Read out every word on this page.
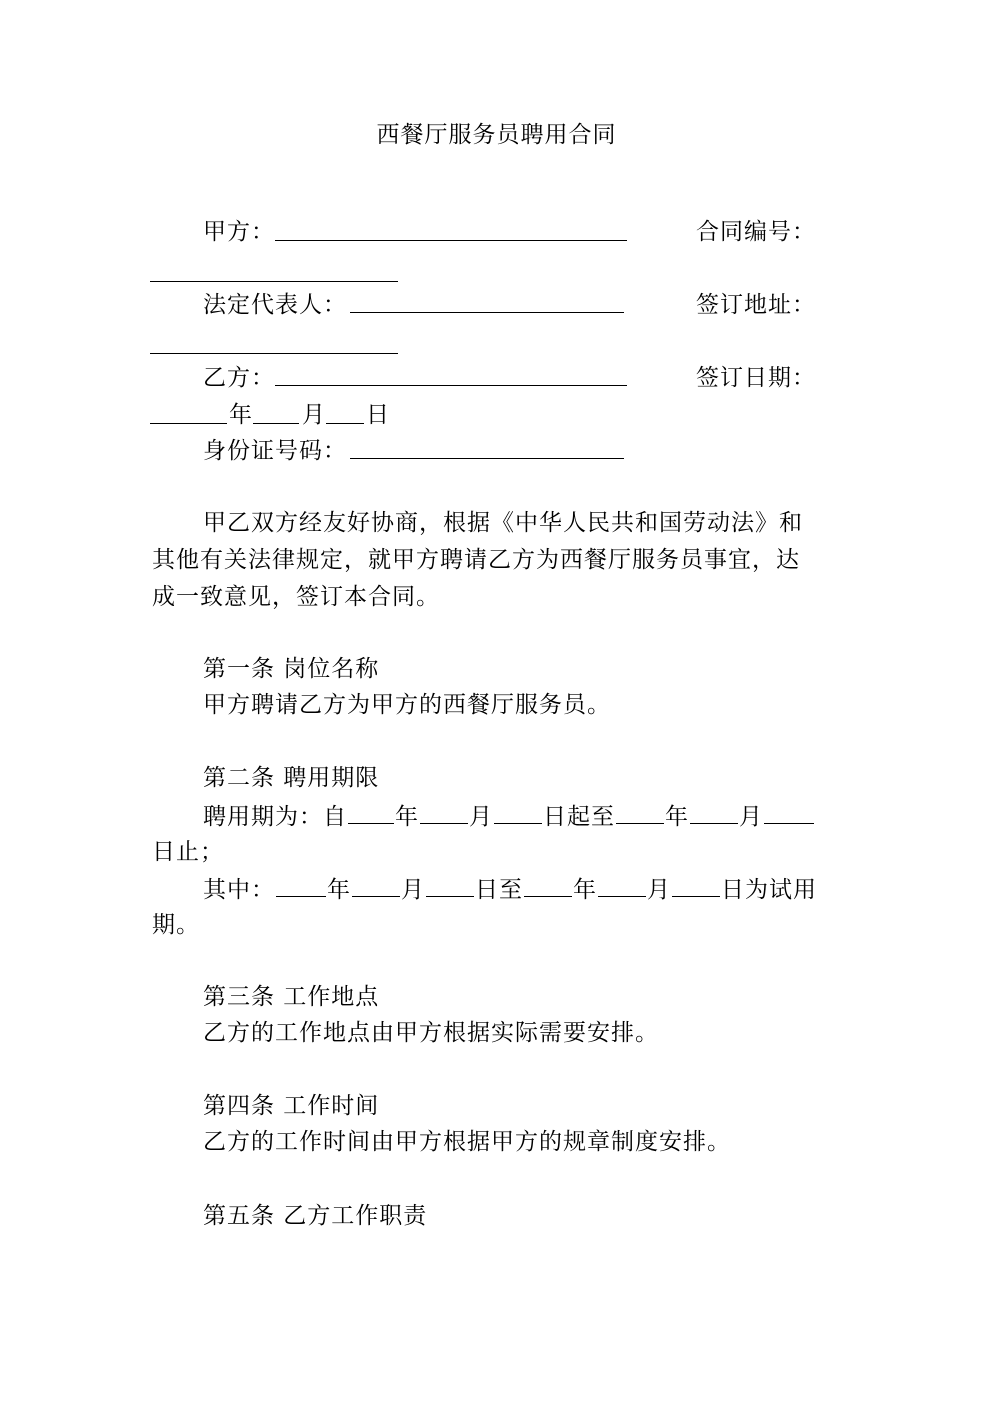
西餐厅服务员聘用合同
甲方：	合同编号：
法定代表人：	签订地址：
乙方：	签订日期：
年 月 日
身份证号码：
甲乙双方经友好协商，根据《中华人民共和国劳动法》和
其他有关法律规定，就甲方聘请乙方为西餐厅服务员事宜，达
成一致意见，签订本合同。
第一条 岗位名称
甲方聘请乙方为甲方的西餐厅服务员。
第二条 聘用期限
聘用期为：自 年 月 日起至 年 月
日止；
其中： 年 月 日至 年 月 日为试用
期。
第三条 工作地点
乙方的工作地点由甲方根据实际需要安排。
第四条 工作时间
乙方的工作时间由甲方根据甲方的规章制度安排。
第五条 乙方工作职责
